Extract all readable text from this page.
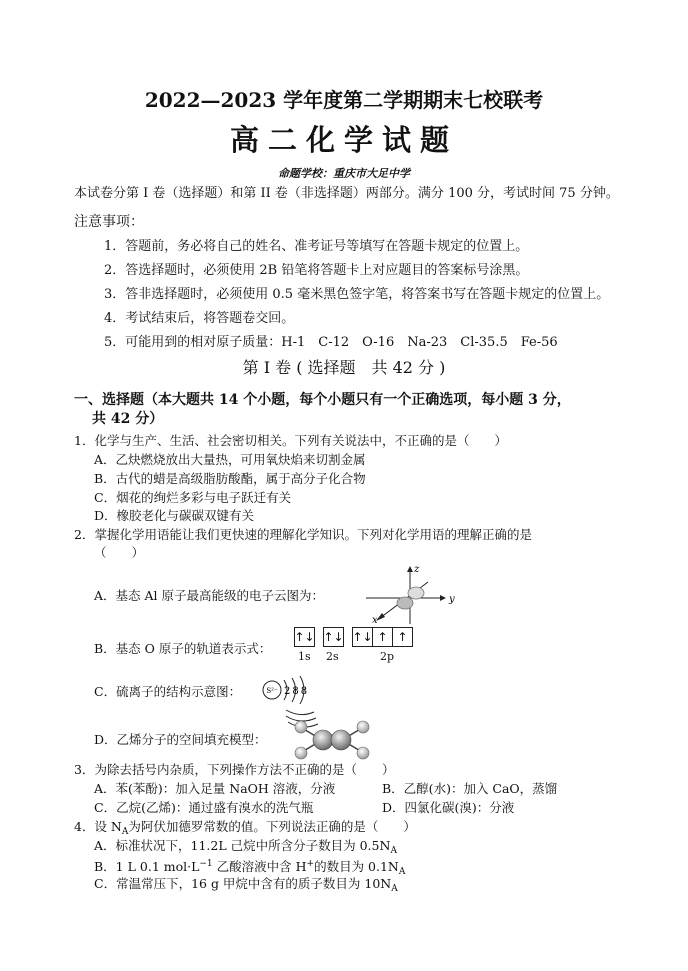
2022—2023 学年度第二学期期末七校联考
高二化学试题
命题学校：重庆市大足中学
本试卷分第 I 卷（选择题）和第 II 卷（非选择题）两部分。满分 100 分，考试时间 75 分钟。
注意事项：
1．答题前，务必将自己的姓名、准考证号等填写在答题卡规定的位置上。
2．答选择题时，必须使用 2B 铅笔将答题卡上对应题目的答案标号涂黑。
3．答非选择题时，必须使用 0.5 毫米黑色签字笔，将答案书写在答题卡规定的位置上。
4．考试结束后，将答题卷交回。
5．可能用到的相对原子质量：H-1　C-12　O-16　Na-23　Cl-35.5　Fe-56
第 I 卷 ( 选择题　共 42 分 )
一、选择题（本大题共 14 个小题，每个小题只有一个正确选项，每小题 3 分，
共 42 分）
1．化学与生产、生活、社会密切相关。下列有关说法中，不正确的是（　　）
A．乙炔燃烧放出大量热，可用氧炔焰来切割金属
B．古代的蜡是高级脂肪酸酯，属于高分子化合物
C．烟花的绚烂多彩与电子跃迁有关
D．橡胶老化与碳碳双键有关
2．掌握化学用语能让我们更快速的理解化学知识。下列对化学用语的理解正确的是
（　　）
A．基态 Al 原子最高能级的电子云图为：
z
y
x
B．基态 O 原子的轨道表示式：
↑↓ ↑↓ ↑↓ ↑ ↑
1s 2s	2p
C．硫离子的结构示意图：	S²⁻ 288
D．乙烯分子的空间填充模型：
3．为除去括号内杂质，下列操作方法不正确的是（　　）
A．苯(苯酚)：加入足量 NaOH 溶液，分液	B．乙醇(水)：加入 CaO，蒸馏
C．乙烷(乙烯)：通过盛有溴水的洗气瓶	D．四氯化碳(溴)：分液
4．设 $N_A$为阿伏加德罗常数的值。下列说法正确的是（　　）
A．标准状况下，11.2L 己烷中所含分子数目为 $0.5N_A$
B．1 L 0.1 $mol\cdot L^{-1}$ 乙酸溶液中含 H+的数目为 $0.1N_A$
C．常温常压下，16 g 甲烷中含有的质子数目为 $10N_A$
